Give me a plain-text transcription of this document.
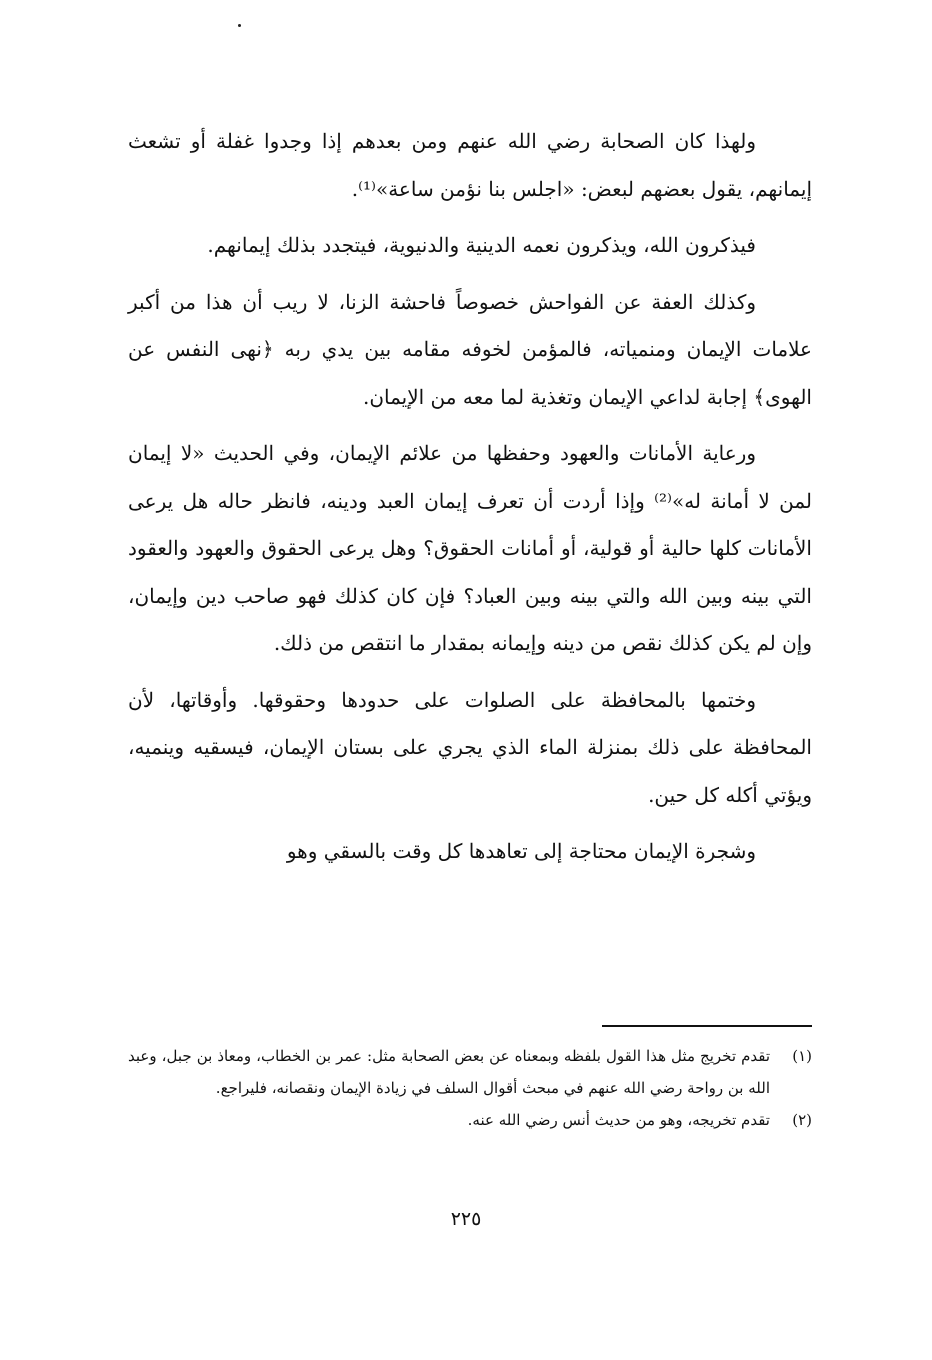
ولهذا كان الصحابة رضي الله عنهم ومن بعدهم إذا وجدوا غفلة أو تشعث إيمانهم، يقول بعضهم لبعض: «اجلس بنا نؤمن ساعة»⁽¹⁾.

فيذكرون الله، ويذكرون نعمه الدينية والدنيوية، فيتجدد بذلك إيمانهم.

وكذلك العفة عن الفواحش خصوصاً فاحشة الزنا، لا ريب أن هذا من أكبر علامات الإيمان ومنمياته، فالمؤمن لخوفه مقامه بين يدي ربه ﴿نهى النفس عن الهوى﴾ إجابة لداعي الإيمان وتغذية لما معه من الإيمان.

ورعاية الأمانات والعهود وحفظها من علائم الإيمان، وفي الحديث «لا إيمان لمن لا أمانة له»⁽²⁾ وإذا أردت أن تعرف إيمان العبد ودينه، فانظر حاله هل يرعى الأمانات كلها حالية أو قولية، أو أمانات الحقوق؟ وهل يرعى الحقوق والعهود والعقود التي بينه وبين الله والتي بينه وبين العباد؟ فإن كان كذلك فهو صاحب دين وإيمان، وإن لم يكن كذلك نقص من دينه وإيمانه بمقدار ما انتقص من ذلك.

وختمها بالمحافظة على الصلوات على حدودها وحقوقها. وأوقاتها، لأن المحافظة على ذلك بمنزلة الماء الذي يجري على بستان الإيمان، فيسقيه وينميه، ويؤتي أكله كل حين.

وشجرة الإيمان محتاجة إلى تعاهدها كل وقت بالسقي وهو

(١)
تقدم تخريج مثل هذا القول بلفظه وبمعناه عن بعض الصحابة مثل: عمر بن الخطاب، ومعاذ بن جبل، وعبد الله بن رواحة رضي الله عنهم في مبحث أقوال السلف في زيادة الإيمان ونقصانه، فليراجع.
(٢)
تقدم تخريجه، وهو من حديث أنس رضي الله عنه.
٢٢٥
